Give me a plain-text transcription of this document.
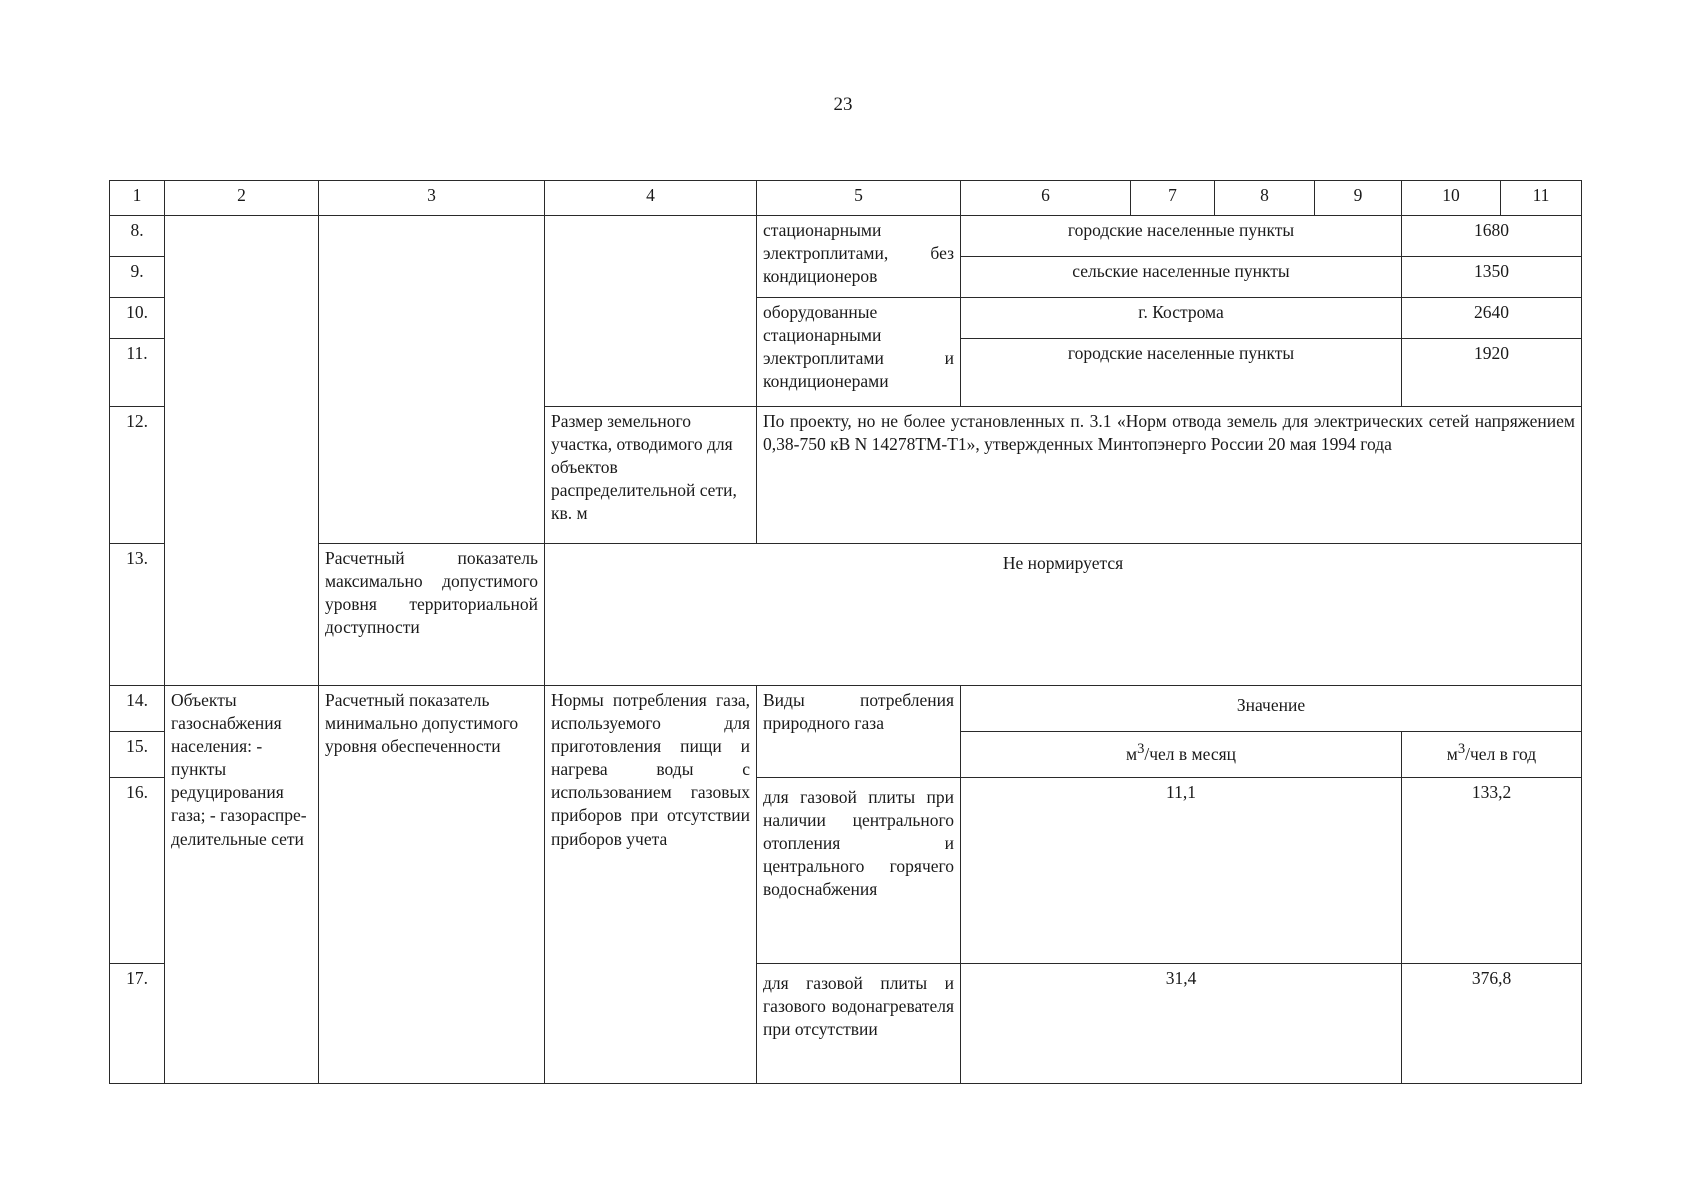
23
1	2	3	4	5	6	7	8	9	10	11
8.				стационарными электроплитами, без кондиционеров	городские населенные пункты				1680	
9.					сельские населенные пункты				1350	
10.				оборудованные стационарными электроплитами и кондиционерами	г. Кострома				2640	
11.					городские населенные пункты				1920	
12.			Размер земельного участка, отводимого для объектов распределительной сети, кв. м	По проекту, но не более установленных п. 3.1 «Норм отвода земель для электрических сетей напряжением 0,38-750 кВ N 14278ТМ-Т1», утвержденных Минтопэнерго России 20 мая 1994 года						
13.		Расчетный показатель максимально допустимого уровня территориальной доступности	Не нормируется							
14.	Объекты газоснабжения населения: - пункты редуцирования газа; - газораспре-делительные сети	Расчетный показатель минимально допустимого уровня обеспеченности	Нормы потребления газа, используемого для приготовления пищи и нагрева воды с использованием газовых приборов при отсутствии приборов учета	Виды потребления природного газа	Значение					
15.					$м^3$/чел в месяц				$м^3$/чел в год	
16.				для газовой плиты при наличии центрального отопления и центрального горячего водоснабжения	11,1				133,2	
17.				для газовой плиты и газового водонагревателя при отсутствии	31,4				376,8	
